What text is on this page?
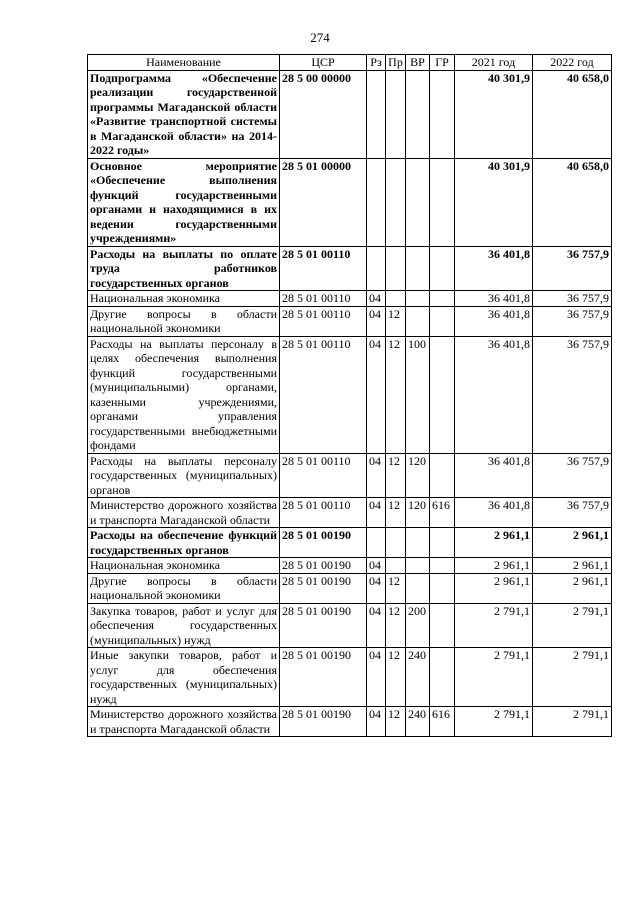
274
Наименование	ЦСР	Рз	Пр	ВР	ГР	2021 год	2022 год
Подпрограмма «Обеспечение реализации государственной программы Магаданской области «Развитие транспортной системы в Магаданской области» на 2014-2022 годы»	28 5 00 00000					40 301,9	40 658,0
Основное мероприятие «Обеспечение выполнения функций государственными органами и находящимися в их ведении государственными учреждениями»	28 5 01 00000					40 301,9	40 658,0
Расходы на выплаты по оплате труда работников государственных органов	28 5 01 00110					36 401,8	36 757,9
Национальная экономика	28 5 01 00110	04				36 401,8	36 757,9
Другие вопросы в области национальной экономики	28 5 01 00110	04	12			36 401,8	36 757,9
Расходы на выплаты персоналу в целях обеспечения выполнения функций государственными (муниципальными) органами, казенными учреждениями, органами управления государственными внебюджетными фондами	28 5 01 00110	04	12	100		36 401,8	36 757,9
Расходы на выплаты персоналу государственных (муниципальных) органов	28 5 01 00110	04	12	120		36 401,8	36 757,9
Министерство дорожного хозяйства и транспорта Магаданской области	28 5 01 00110	04	12	120	616	36 401,8	36 757,9
Расходы на обеспечение функций государственных органов	28 5 01 00190					2 961,1	2 961,1
Национальная экономика	28 5 01 00190	04				2 961,1	2 961,1
Другие вопросы в области национальной экономики	28 5 01 00190	04	12			2 961,1	2 961,1
Закупка товаров, работ и услуг для обеспечения государственных (муниципальных) нужд	28 5 01 00190	04	12	200		2 791,1	2 791,1
Иные закупки товаров, работ и услуг для обеспечения государственных (муниципальных) нужд	28 5 01 00190	04	12	240		2 791,1	2 791,1
Министерство дорожного хозяйства и транспорта Магаданской области	28 5 01 00190	04	12	240	616	2 791,1	2 791,1
